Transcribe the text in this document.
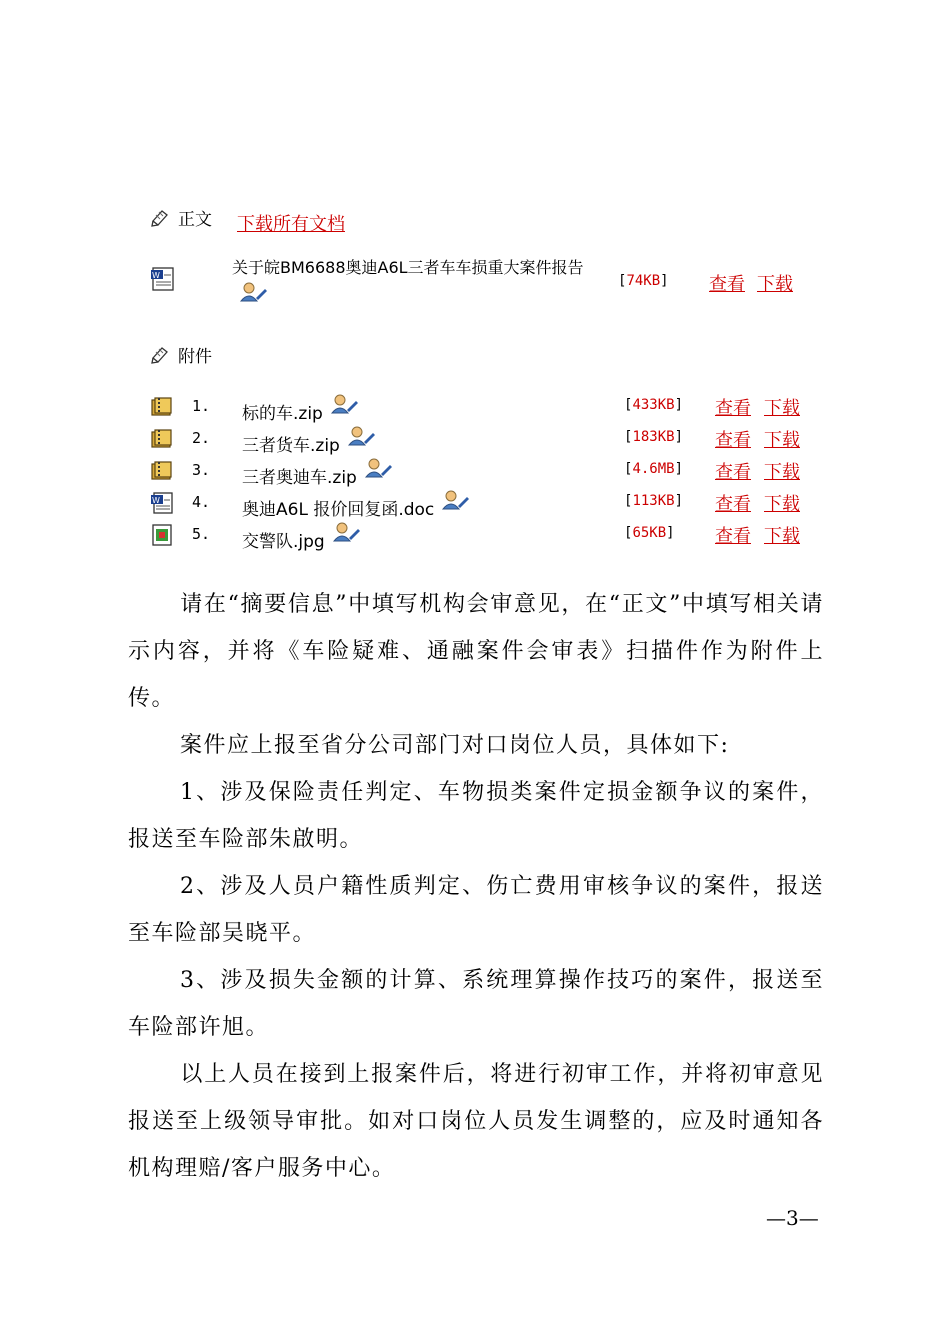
正文 下载所有文档
W	关于皖BM6688奥迪A6L三者车车损重大案件报告
[74KB] 查看 下载
附件
1. 标的车.zip	[433KB] 查看 下载
2. 三者货车.zip	[183KB] 查看 下载
3. 三者奥迪车.zip	[4.6MB] 查看 下载
W 4. 奥迪A6L 报价回复函.doc	[113KB] 查看 下载
5. 交警队.jpg	[65KB] 查看 下载
请在“摘要信息”中填写机构会审意见，在“正文”中填写相关请示内容，并将《车险疑难、通融案件会审表》扫描件作为附件上传。
案件应上报至省分公司部门对口岗位人员，具体如下:
1、涉及保险责任判定、车物损类案件定损金额争议的案件，报送至车险部朱啟明。
2、涉及人员户籍性质判定、伤亡费用审核争议的案件，报送至车险部吴晓平。
3、涉及损失金额的计算、系统理算操作技巧的案件，报送至车险部许旭。
以上人员在接到上报案件后，将进行初审工作，并将初审意见报送至上级领导审批。如对口岗位人员发生调整的，应及时通知各机构理赔/客户服务中心。
—3—
